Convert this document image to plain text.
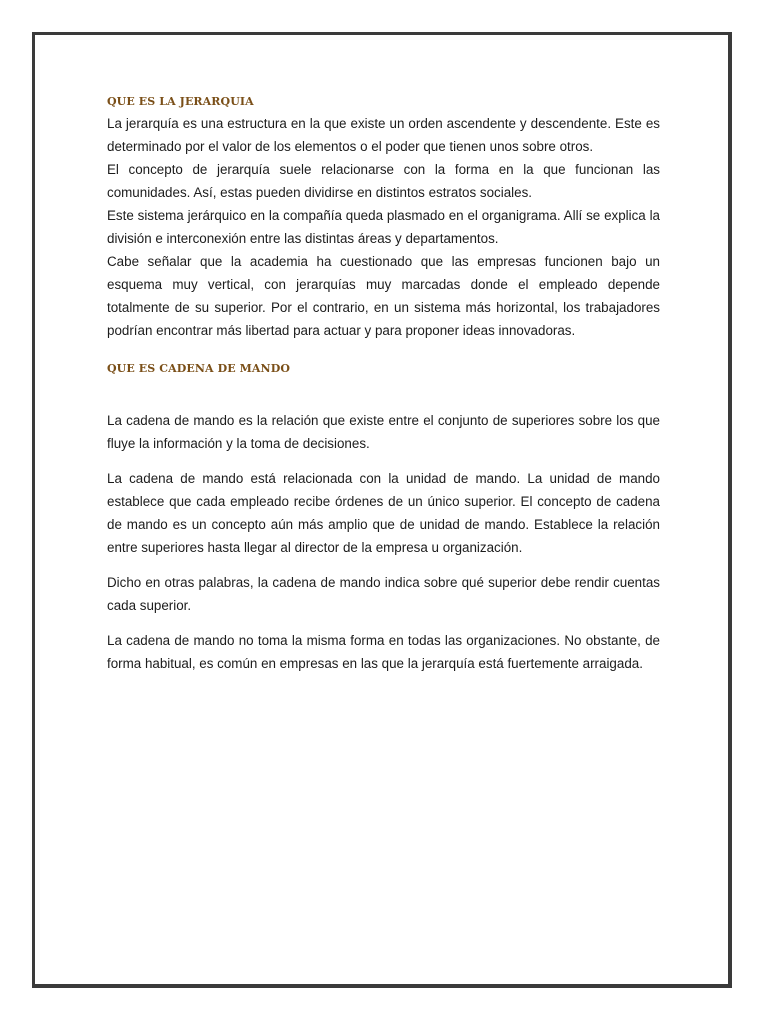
QUE ES LA JERARQUIA

La jerarquía es una estructura en la que existe un orden ascendente y descendente. Este es determinado por el valor de los elementos o el poder que tienen unos sobre otros.

El concepto de jerarquía suele relacionarse con la forma en la que funcionan las comunidades. Así, estas pueden dividirse en distintos estratos sociales.

Este sistema jerárquico en la compañía queda plasmado en el organigrama. Allí se explica la división e interconexión entre las distintas áreas y departamentos.

Cabe señalar que la academia ha cuestionado que las empresas funcionen bajo un esquema muy vertical, con jerarquías muy marcadas donde el empleado depende totalmente de su superior. Por el contrario, en un sistema más horizontal, los trabajadores podrían encontrar más libertad para actuar y para proponer ideas innovadoras.

QUE ES CADENA DE MANDO

La cadena de mando es la relación que existe entre el conjunto de superiores sobre los que fluye la información y la toma de decisiones.

La cadena de mando está relacionada con la unidad de mando. La unidad de mando establece que cada empleado recibe órdenes de un único superior. El concepto de cadena de mando es un concepto aún más amplio que de unidad de mando. Establece la relación entre superiores hasta llegar al director de la empresa u organización.

Dicho en otras palabras, la cadena de mando indica sobre qué superior debe rendir cuentas cada superior.

La cadena de mando no toma la misma forma en todas las organizaciones. No obstante, de forma habitual, es común en empresas en las que la jerarquía está fuertemente arraigada.
